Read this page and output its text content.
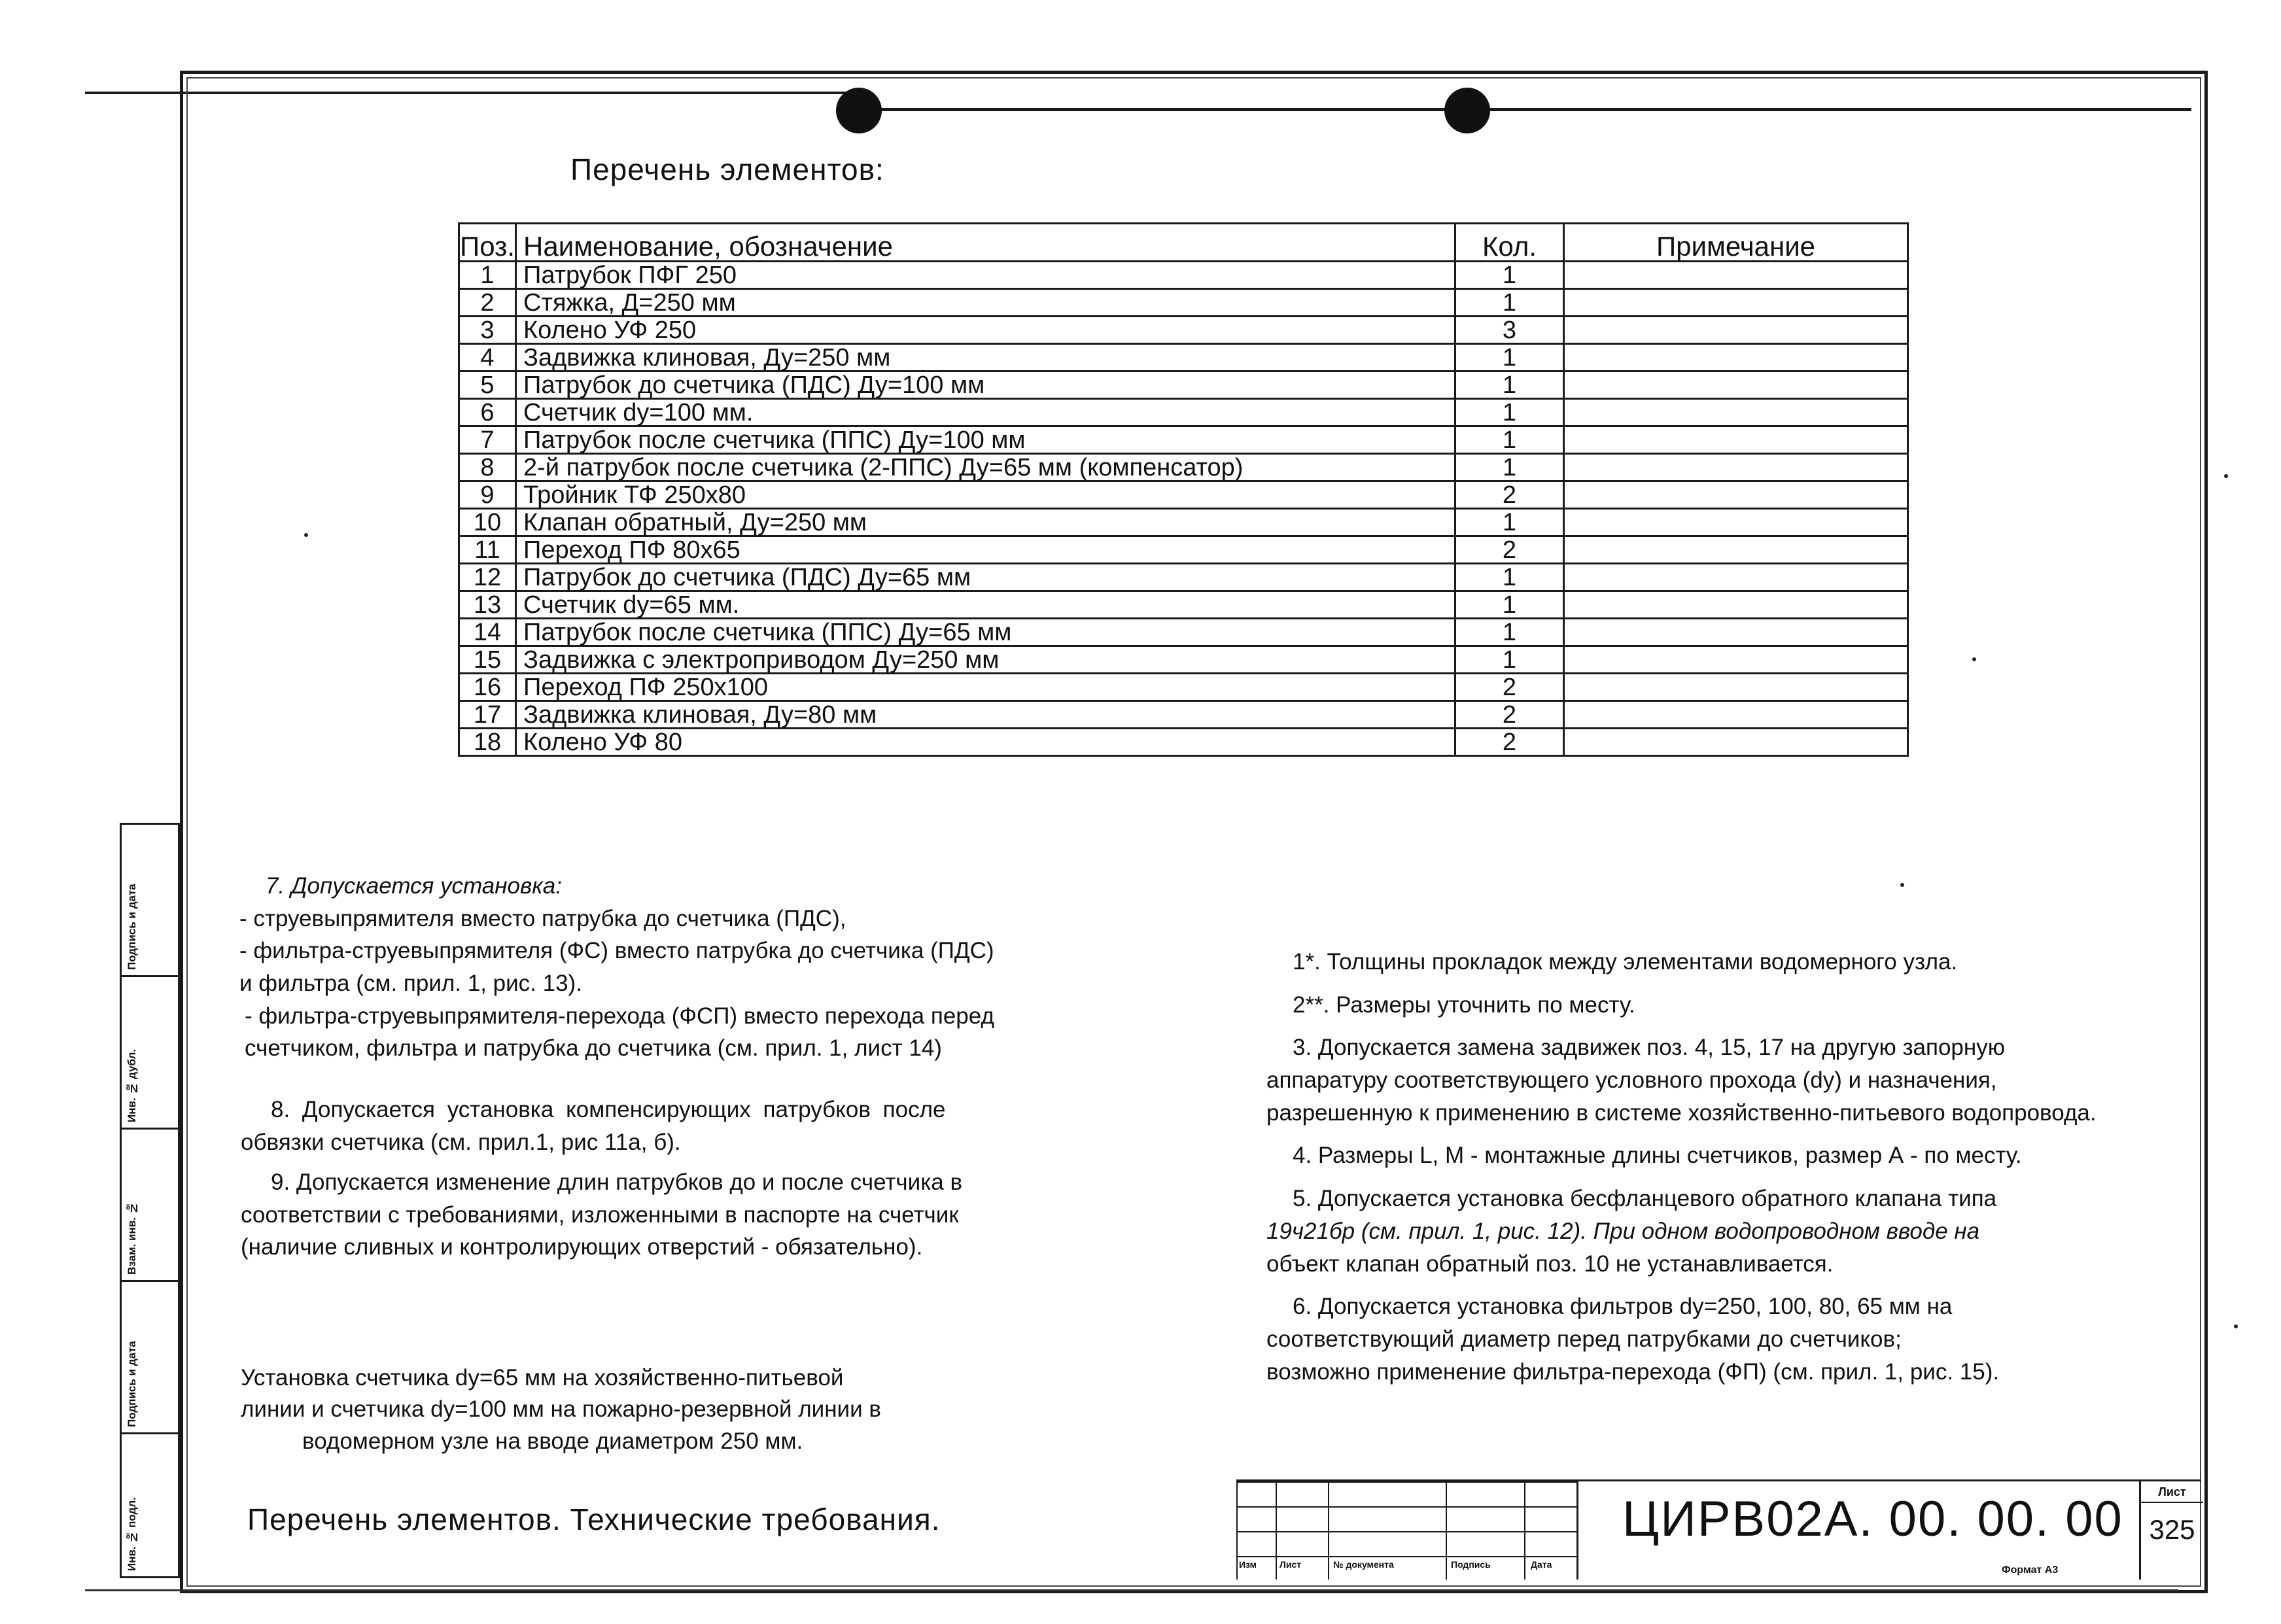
Перечень элементов:
Поз.	Наименование, обозначение	Кол.	Примечание
1	Патрубок ПФГ 250	1	
2	Стяжка, Д=250 мм	1	
3	Колено УФ 250	3	
4	Задвижка клиновая, Ду=250 мм	1	
5	Патрубок до счетчика (ПДС) Ду=100 мм	1	
6	Счетчик dy=100 мм.	1	
7	Патрубок после счетчика (ППС) Ду=100 мм	1	
8	2-й патрубок после счетчика (2-ППС) Ду=65 мм (компенсатор)	1	
9	Тройник ТФ 250х80	2	
10	Клапан обратный, Ду=250 мм	1	
11	Переход ПФ 80х65	2	
12	Патрубок до счетчика (ПДС) Ду=65 мм	1	
13	Счетчик dy=65 мм.	1	
14	Патрубок после счетчика (ППС) Ду=65 мм	1	
15	Задвижка с электроприводом Ду=250 мм	1	
16	Переход ПФ 250х100	2	
17	Задвижка клиновая, Ду=80 мм	2	
18	Колено УФ 80	2	
Подпись и дата
Инв. № дубл.
Взам. инв. №
Подпись и дата
Инв. № подл.
7. Допускается установка:
- струевыпрямителя вместо патрубка до счетчика (ПДС),
- фильтра-струевыпрямителя (ФС) вместо патрубка до счетчика (ПДС)
и фильтра (см. прил. 1, рис. 13).
- фильтра-струевыпрямителя-перехода (ФСП) вместо перехода перед
счетчиком, фильтра и патрубка до счетчика (см. прил. 1, лист 14)
8. Допускается установка компенсирующих патрубков после
обвязки счетчика (см. прил.1, рис 11а, б).
9. Допускается изменение длин патрубков до и после счетчика в
соответствии с требованиями, изложенными в паспорте на счетчик
(наличие сливных и контролирующих отверстий - обязательно).
Установка счетчика dy=65 мм на хозяйственно-питьевой
линии и счетчика dy=100 мм на пожарно-резервной линии в
водомерном узле на вводе диаметром 250 мм.
1*. Толщины прокладок между элементами водомерного узла.
2**. Размеры уточнить по месту.
3. Допускается замена задвижек поз. 4, 15, 17 на другую запорную
аппаратуру соответствующего условного прохода (dy) и назначения,
разрешенную к применению в системе хозяйственно-питьевого водопровода.
4. Размеры L, M - монтажные длины счетчиков, размер А - по месту.
5. Допускается установка бесфланцевого обратного клапана типа
19ч21бр (см. прил. 1, рис. 12). При одном водопроводном вводе на
объект клапан обратный поз. 10 не устанавливается.
6. Допускается установка фильтров dy=250, 100, 80, 65 мм на
соответствующий диаметр перед патрубками до счетчиков;
возможно применение фильтра-перехода (ФП) (см. прил. 1, рис. 15).
Перечень элементов. Технические требования.
Изм Лист	№ документа	Подпись	Дата
ЦИРВ02А. 00. 00. 00	Лист
325
Формат А3
